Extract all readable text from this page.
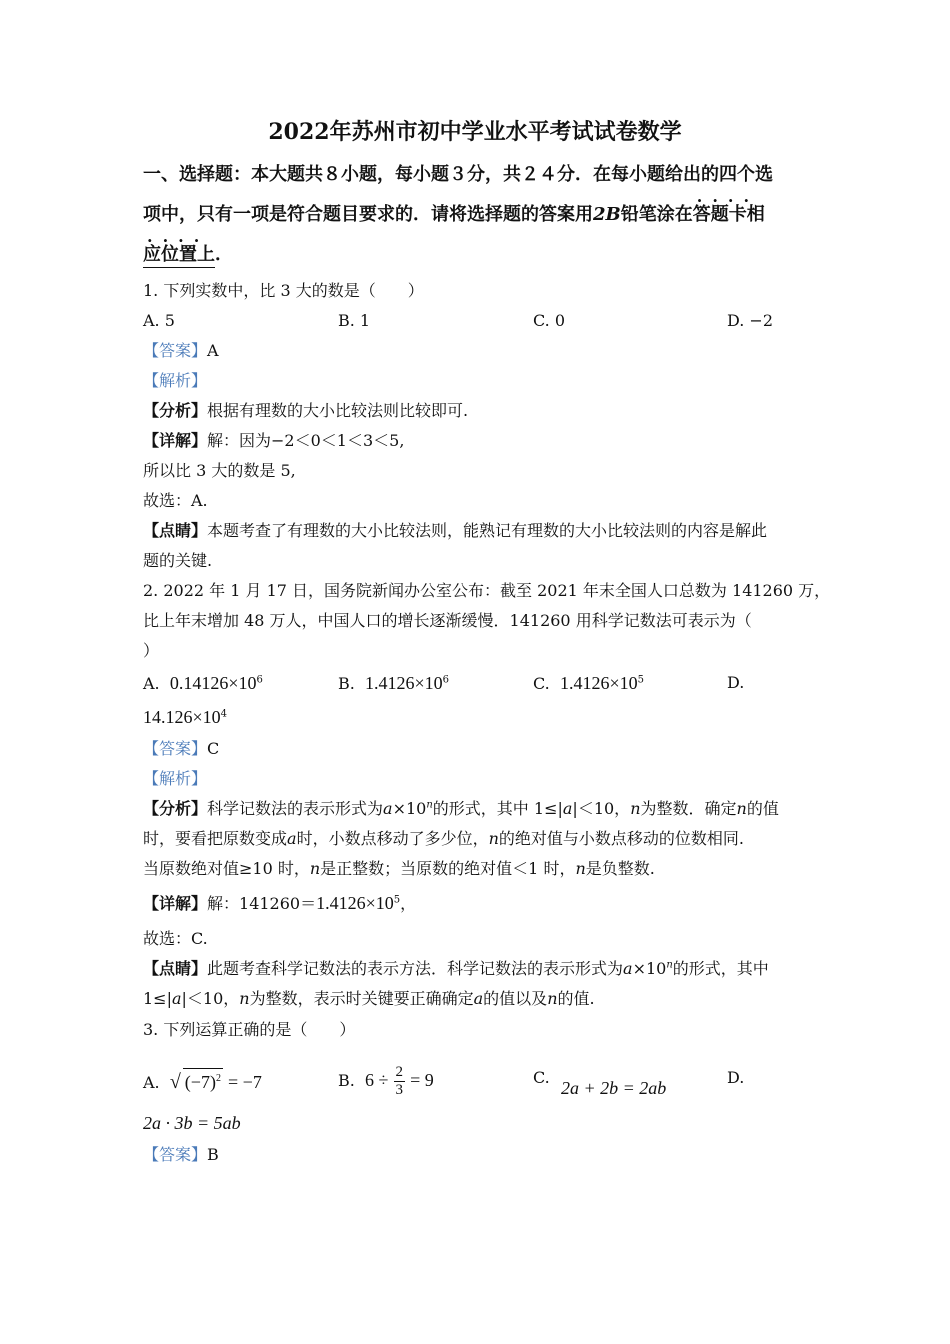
2022年苏州市初中学业水平考试试卷数学
一、选择题：本大题共８小题，每小题３分，共２４分．在每小题给出的四个选
项中，只有一项是符合题目要求的．请将选择题的答案用2B铅笔涂在···· 答题卡相
···· 应位置上．
1. 下列实数中，比 3 大的数是（　　）
A. 5	B. 1	C. 0	D. −2
【答案】A
【解析】
【分析】根据有理数的大小比较法则比较即可.
【详解】解：因为−2＜0＜1＜3＜5,
所以比 3 大的数是 5,
故选：A.
【点睛】本题考查了有理数的大小比较法则，能熟记有理数的大小比较法则的内容是解此
题的关键.
2. 2022 年 1 月 17 日，国务院新闻办公室公布：截至 2021 年末全国人口总数为 141260 万，
比上年末增加 48 万人，中国人口的增长逐渐缓慢．141260 用科学记数法可表示为（
）
A. $0.14126\times 10^6$	B. $1.4126\times 10^6$	C. $1.4126\times 10^5$	D.
$14.126\times 10^4$
【答案】C
【解析】
【分析】科学记数法的表示形式为$a\times 10^n$的形式，其中 1≤|a|＜10，n为整数．确定n的值
时，要看把原数变成a时，小数点移动了多少位，n的绝对值与小数点移动的位数相同.
当原数绝对值≥10 时，n是正整数；当原数的绝对值＜1 时，n是负整数.
【详解】解：$141260=1.4126\times 10^5$，
故选：C.
【点睛】此题考查科学记数法的表示方法．科学记数法的表示形式为$a\times 10^n$的形式，其中
1≤|a|＜10，n为整数，表示时关键要正确确定a的值以及n的值.
3. 下列运算正确的是（　　）
A. √ $(-7)^2 = -7$	B. $6 \div \frac{2}{3} = 9$	C.
2a + 2b = 2ab
D.
2a · 3b = 5ab
【答案】B
